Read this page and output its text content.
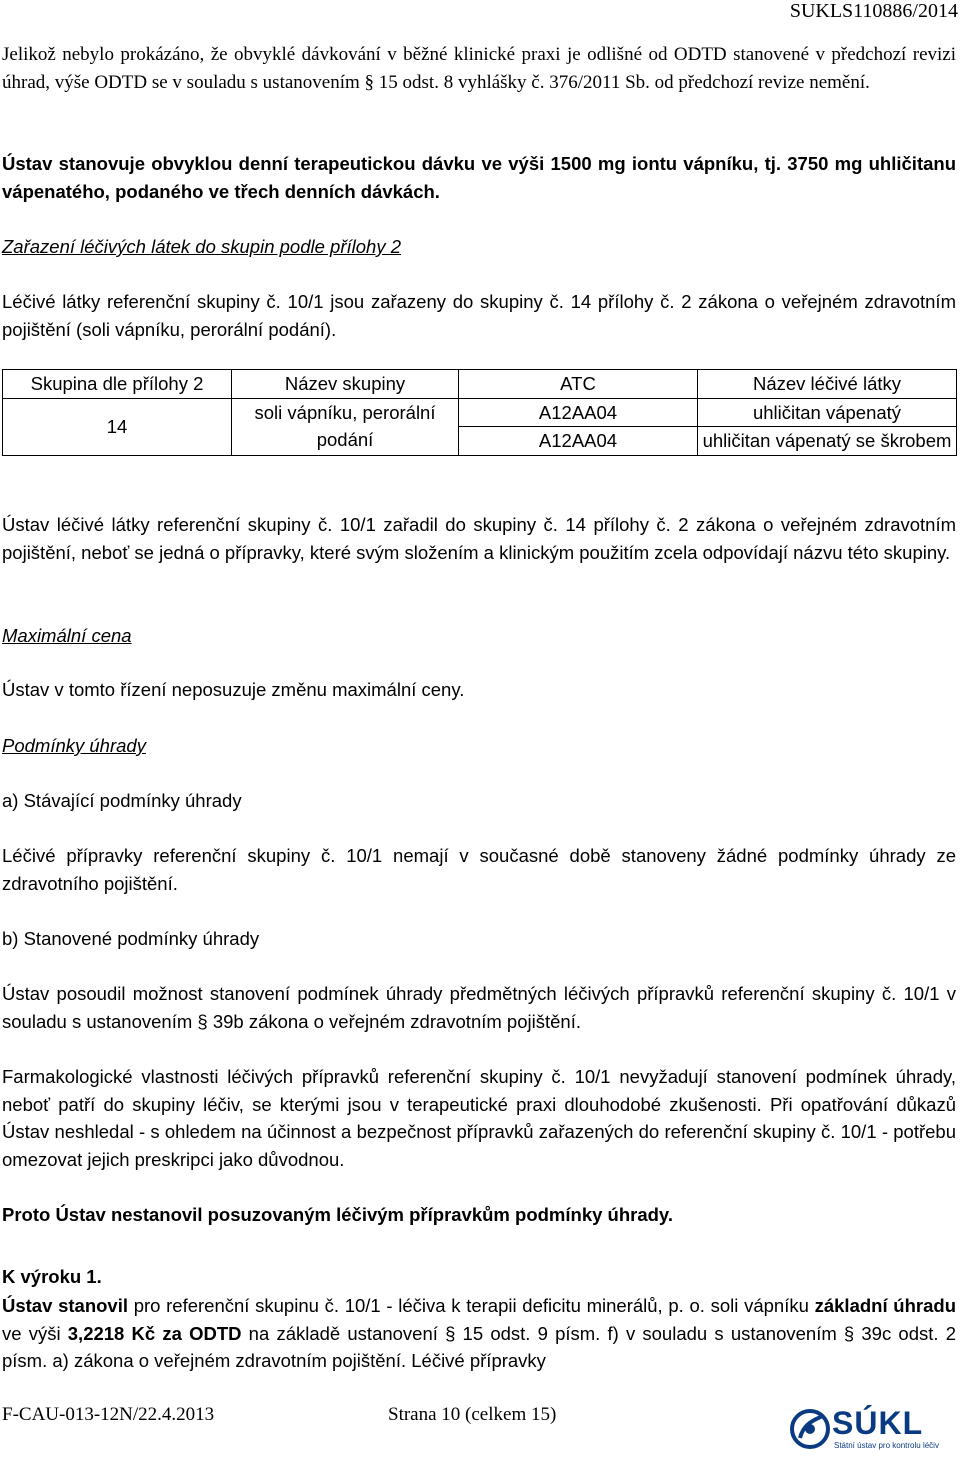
SUKLS110886/2014
Jelikož nebylo prokázáno, že obvyklé dávkování v běžné klinické praxi je odlišné od ODTD stanovené v předchozí revizi úhrad, výše ODTD se v souladu s ustanovením § 15 odst. 8 vyhlášky č. 376/2011 Sb. od předchozí revize nemění.
Ústav stanovuje obvyklou denní terapeutickou dávku ve výši 1500 mg iontu vápníku, tj. 3750 mg uhličitanu vápenatého, podaného ve třech denních dávkách.
Zařazení léčivých látek do skupin podle přílohy 2
Léčivé látky referenční skupiny č. 10/1 jsou zařazeny do skupiny č. 14 přílohy č. 2 zákona o veřejném zdravotním pojištění (soli vápníku, perorální podání).
Skupina dle přílohy 2	Název skupiny	ATC	Název léčivé látky
14	soli vápníku, perorální podání	A12AA04	uhličitan vápenatý
		A12AA04	uhličitan vápenatý se škrobem
Ústav léčivé látky referenční skupiny č. 10/1 zařadil do skupiny č. 14 přílohy č. 2 zákona o veřejném zdravotním pojištění, neboť se jedná o přípravky, které svým složením a klinickým použitím zcela odpovídají názvu této skupiny.
Maximální cena
Ústav v tomto řízení neposuzuje změnu maximální ceny.
Podmínky úhrady
a) Stávající podmínky úhrady
Léčivé přípravky referenční skupiny č. 10/1 nemají v současné době stanoveny žádné podmínky úhrady ze zdravotního pojištění.
b) Stanovené podmínky úhrady
Ústav posoudil možnost stanovení podmínek úhrady předmětných léčivých přípravků referenční skupiny č. 10/1 v souladu s ustanovením § 39b zákona o veřejném zdravotním pojištění.
Farmakologické vlastnosti léčivých přípravků referenční skupiny č. 10/1 nevyžadují stanovení podmínek úhrady, neboť patří do skupiny léčiv, se kterými jsou v terapeutické praxi dlouhodobé zkušenosti. Při opatřování důkazů Ústav neshledal - s ohledem na účinnost a bezpečnost přípravků zařazených do referenční skupiny č. 10/1 - potřebu omezovat jejich preskripci jako důvodnou.
Proto Ústav nestanovil posuzovaným léčivým přípravkům podmínky úhrady.
K výroku 1.
Ústav stanovil pro referenční skupinu č. 10/1 - léčiva k terapii deficitu minerálů, p. o. soli vápníku základní úhradu ve výši 3,2218 Kč za ODTD na základě ustanovení § 15 odst. 9 písm. f) v souladu s ustanovením § 39c odst. 2 písm. a) zákona o veřejném zdravotním pojištění. Léčivé přípravky
F-CAU-013-12N/22.4.2013	Strana 10 (celkem 15)	SÚKL
Státní ústav pro kontrolu léčiv
